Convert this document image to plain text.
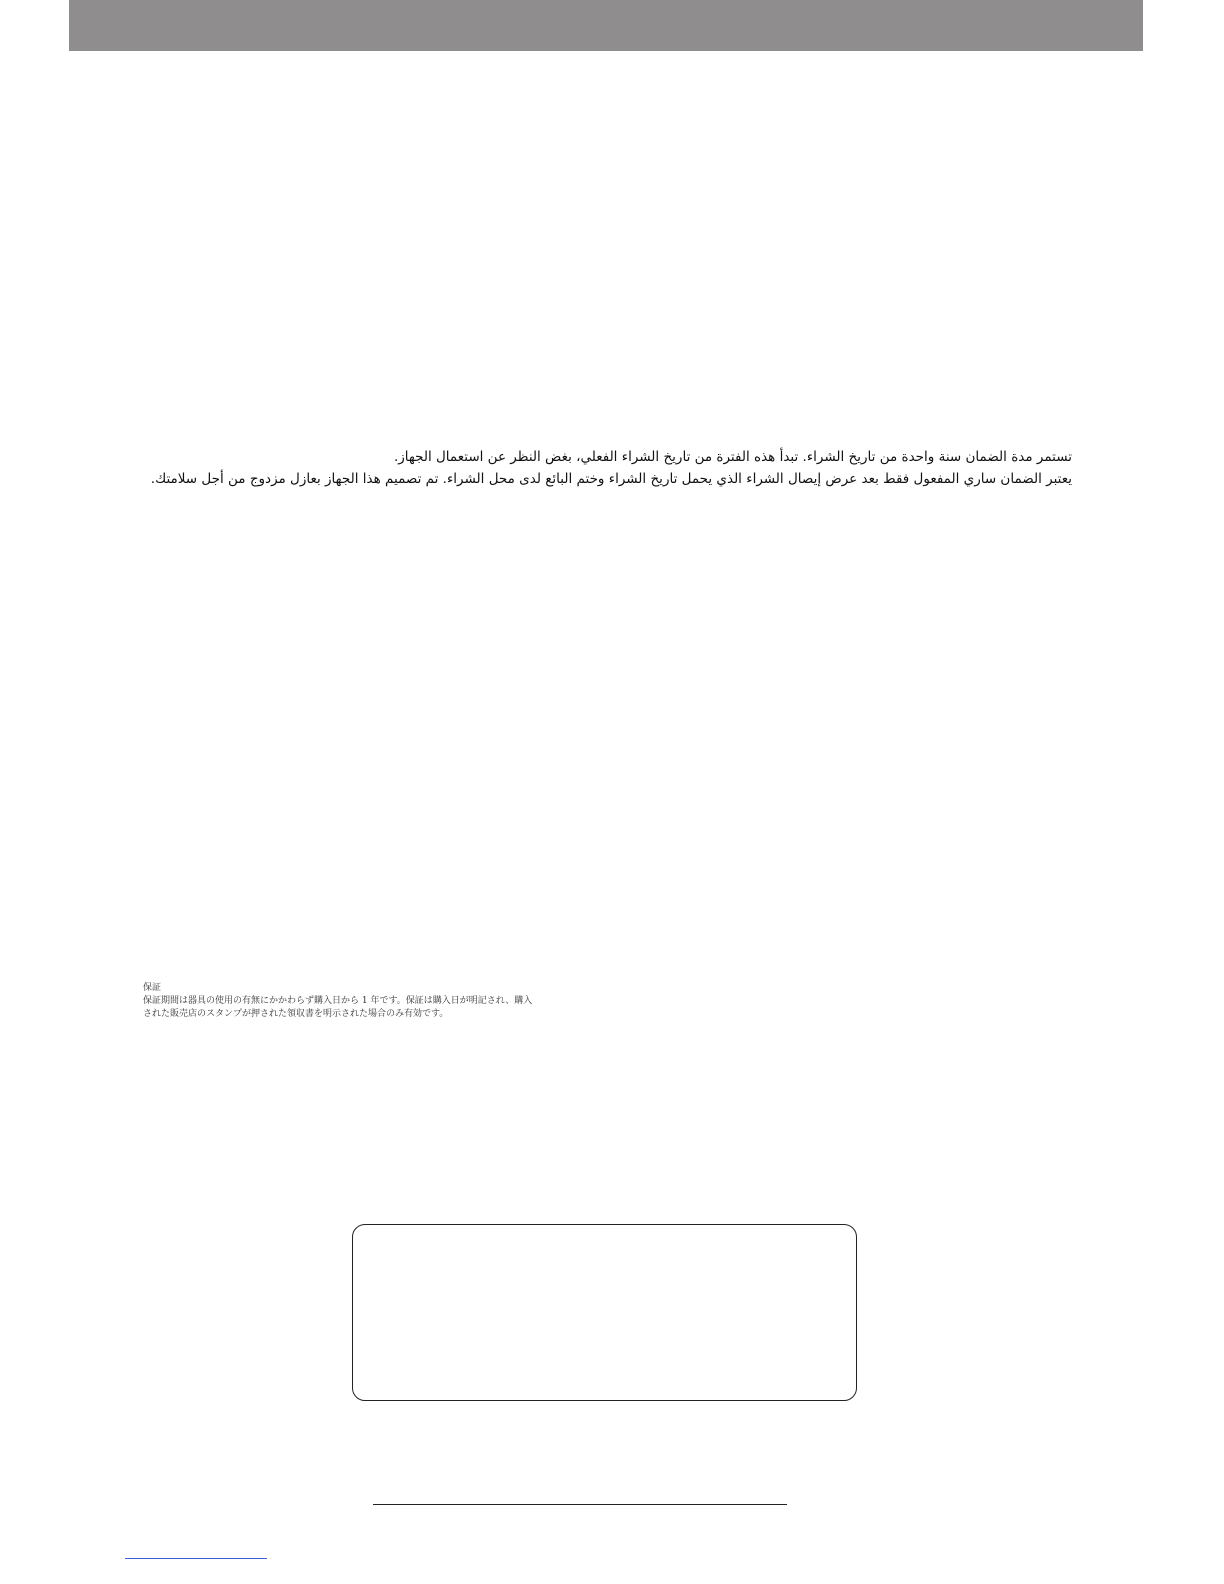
تستمر مدة الضمان سنة واحدة من تاريخ الشراء. تبدأ هذه الفترة من تاريخ الشراء الفعلي، بغض النظر عن استعمال الجهاز.
يعتبر الضمان ساري المفعول فقط بعد عرض إيصال الشراء الذي يحمل تاريخ الشراء وختم البائع لدى محل الشراء. تم تصميم هذا الجهاز بعازل مزدوج من أجل سلامتك.
保証
保証期間は器具の使用の有無にかかわらず購入日から 1 年です。保証は購入日が明記され、購入
された販売店のスタンプが押された領収書を明示された場合のみ有効です。
